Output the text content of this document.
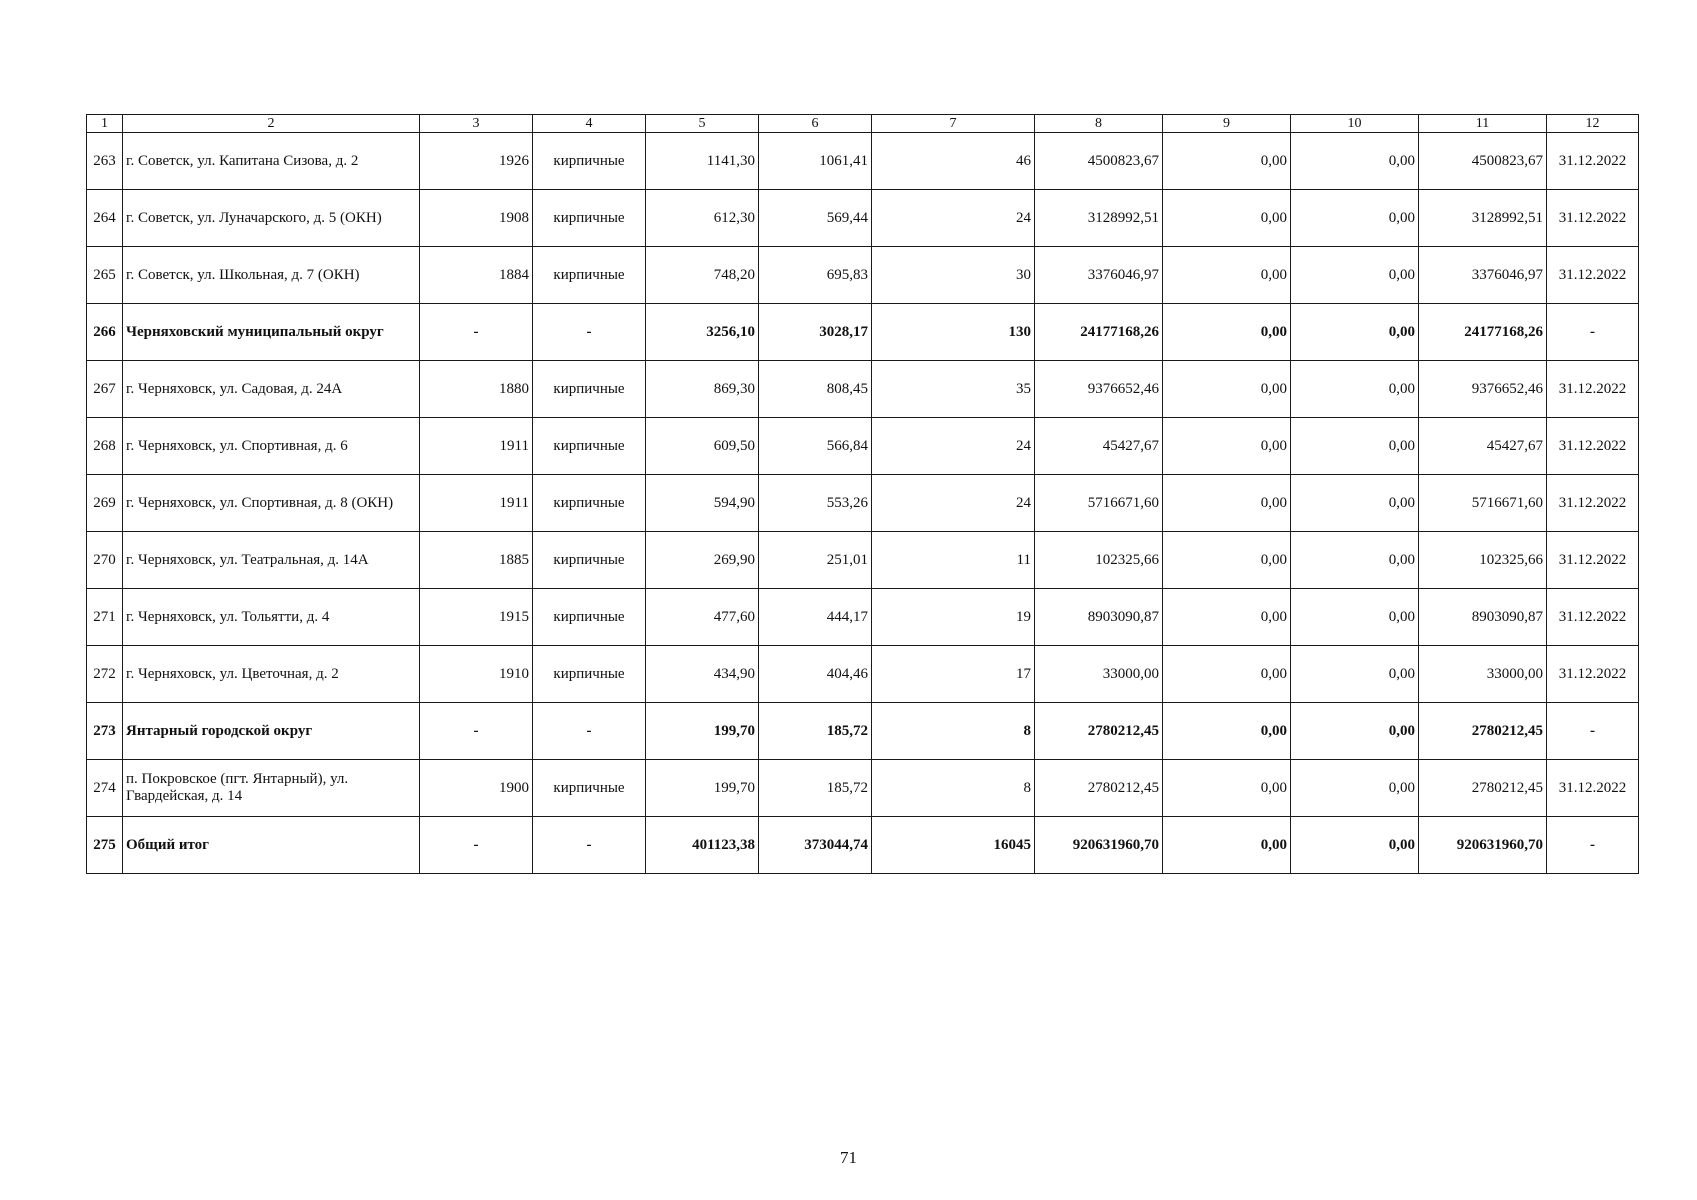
1	2	3	4	5	6	7	8	9	10	11	12
263	г. Советск, ул. Капитана Сизова, д. 2	1926	кирпичные	1141,30	1061,41	46	4500823,67	0,00	0,00	4500823,67	31.12.2022
264	г. Советск, ул. Луначарского, д. 5 (ОКН)	1908	кирпичные	612,30	569,44	24	3128992,51	0,00	0,00	3128992,51	31.12.2022
265	г. Советск, ул. Школьная, д. 7 (ОКН)	1884	кирпичные	748,20	695,83	30	3376046,97	0,00	0,00	3376046,97	31.12.2022
266	Черняховский муниципальный округ	-	-	3256,10	3028,17	130	24177168,26	0,00	0,00	24177168,26	-
267	г. Черняховск, ул. Садовая, д. 24А	1880	кирпичные	869,30	808,45	35	9376652,46	0,00	0,00	9376652,46	31.12.2022
268	г. Черняховск, ул. Спортивная, д. 6	1911	кирпичные	609,50	566,84	24	45427,67	0,00	0,00	45427,67	31.12.2022
269	г. Черняховск, ул. Спортивная, д. 8 (ОКН)	1911	кирпичные	594,90	553,26	24	5716671,60	0,00	0,00	5716671,60	31.12.2022
270	г. Черняховск, ул. Театральная, д. 14А	1885	кирпичные	269,90	251,01	11	102325,66	0,00	0,00	102325,66	31.12.2022
271	г. Черняховск, ул. Тольятти, д. 4	1915	кирпичные	477,60	444,17	19	8903090,87	0,00	0,00	8903090,87	31.12.2022
272	г. Черняховск, ул. Цветочная, д. 2	1910	кирпичные	434,90	404,46	17	33000,00	0,00	0,00	33000,00	31.12.2022
273	Янтарный городской округ	-	-	199,70	185,72	8	2780212,45	0,00	0,00	2780212,45	-
274	п. Покровское (пгт. Янтарный), ул. Гвардейская, д. 14	1900	кирпичные	199,70	185,72	8	2780212,45	0,00	0,00	2780212,45	31.12.2022
275	Общий итог	-	-	401123,38	373044,74	16045	920631960,70	0,00	0,00	920631960,70	-
71
